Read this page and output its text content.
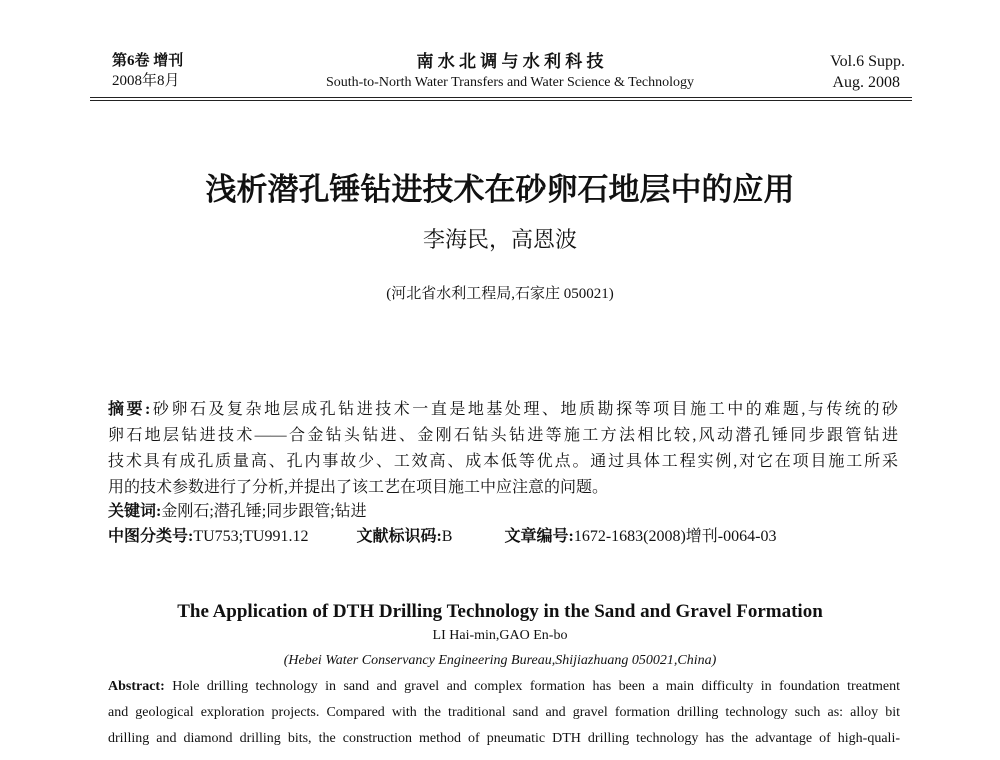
第6卷 增刊
2008年8月
南 水 北 调 与 水 利 科 技
South-to-North Water Transfers and Water Science & Technology
Vol.6 Supp.
Aug. 2008
浅析潜孔锤钻进技术在砂卵石地层中的应用
李海民，高恩波
(河北省水利工程局,石家庄 050021)
摘要:砂卵石及复杂地层成孔钻进技术一直是地基处理、地质勘探等项目施工中的难题,与传统的砂
卵石地层钻进技术——合金钻头钻进、金刚石钻头钻进等施工方法相比较,风动潜孔锤同步跟管钻进
技术具有成孔质量高、孔内事故少、工效高、成本低等优点。通过具体工程实例,对它在项目施工所采
用的技术参数进行了分析,并提出了该工艺在项目施工中应注意的问题。
关键词:金刚石;潜孔锤;同步跟管;钻进
中图分类号:TU753;TU991.12	文献标识码:B	文章编号:1672-1683(2008)增刊-0064-03
The Application of DTH Drilling Technology in the Sand and Gravel Formation
LI Hai-min,GAO En-bo
(Hebei Water Conservancy Engineering Bureau,Shijiazhuang 050021,China)
Abstract: Hole drilling technology in sand and gravel and complex formation has been a main difficulty in foundation treatment
and geological exploration projects. Compared with the traditional sand and gravel formation drilling technology such as: alloy bit
drilling and diamond drilling bits, the construction method of pneumatic DTH drilling technology has the advantage of high-quali-
